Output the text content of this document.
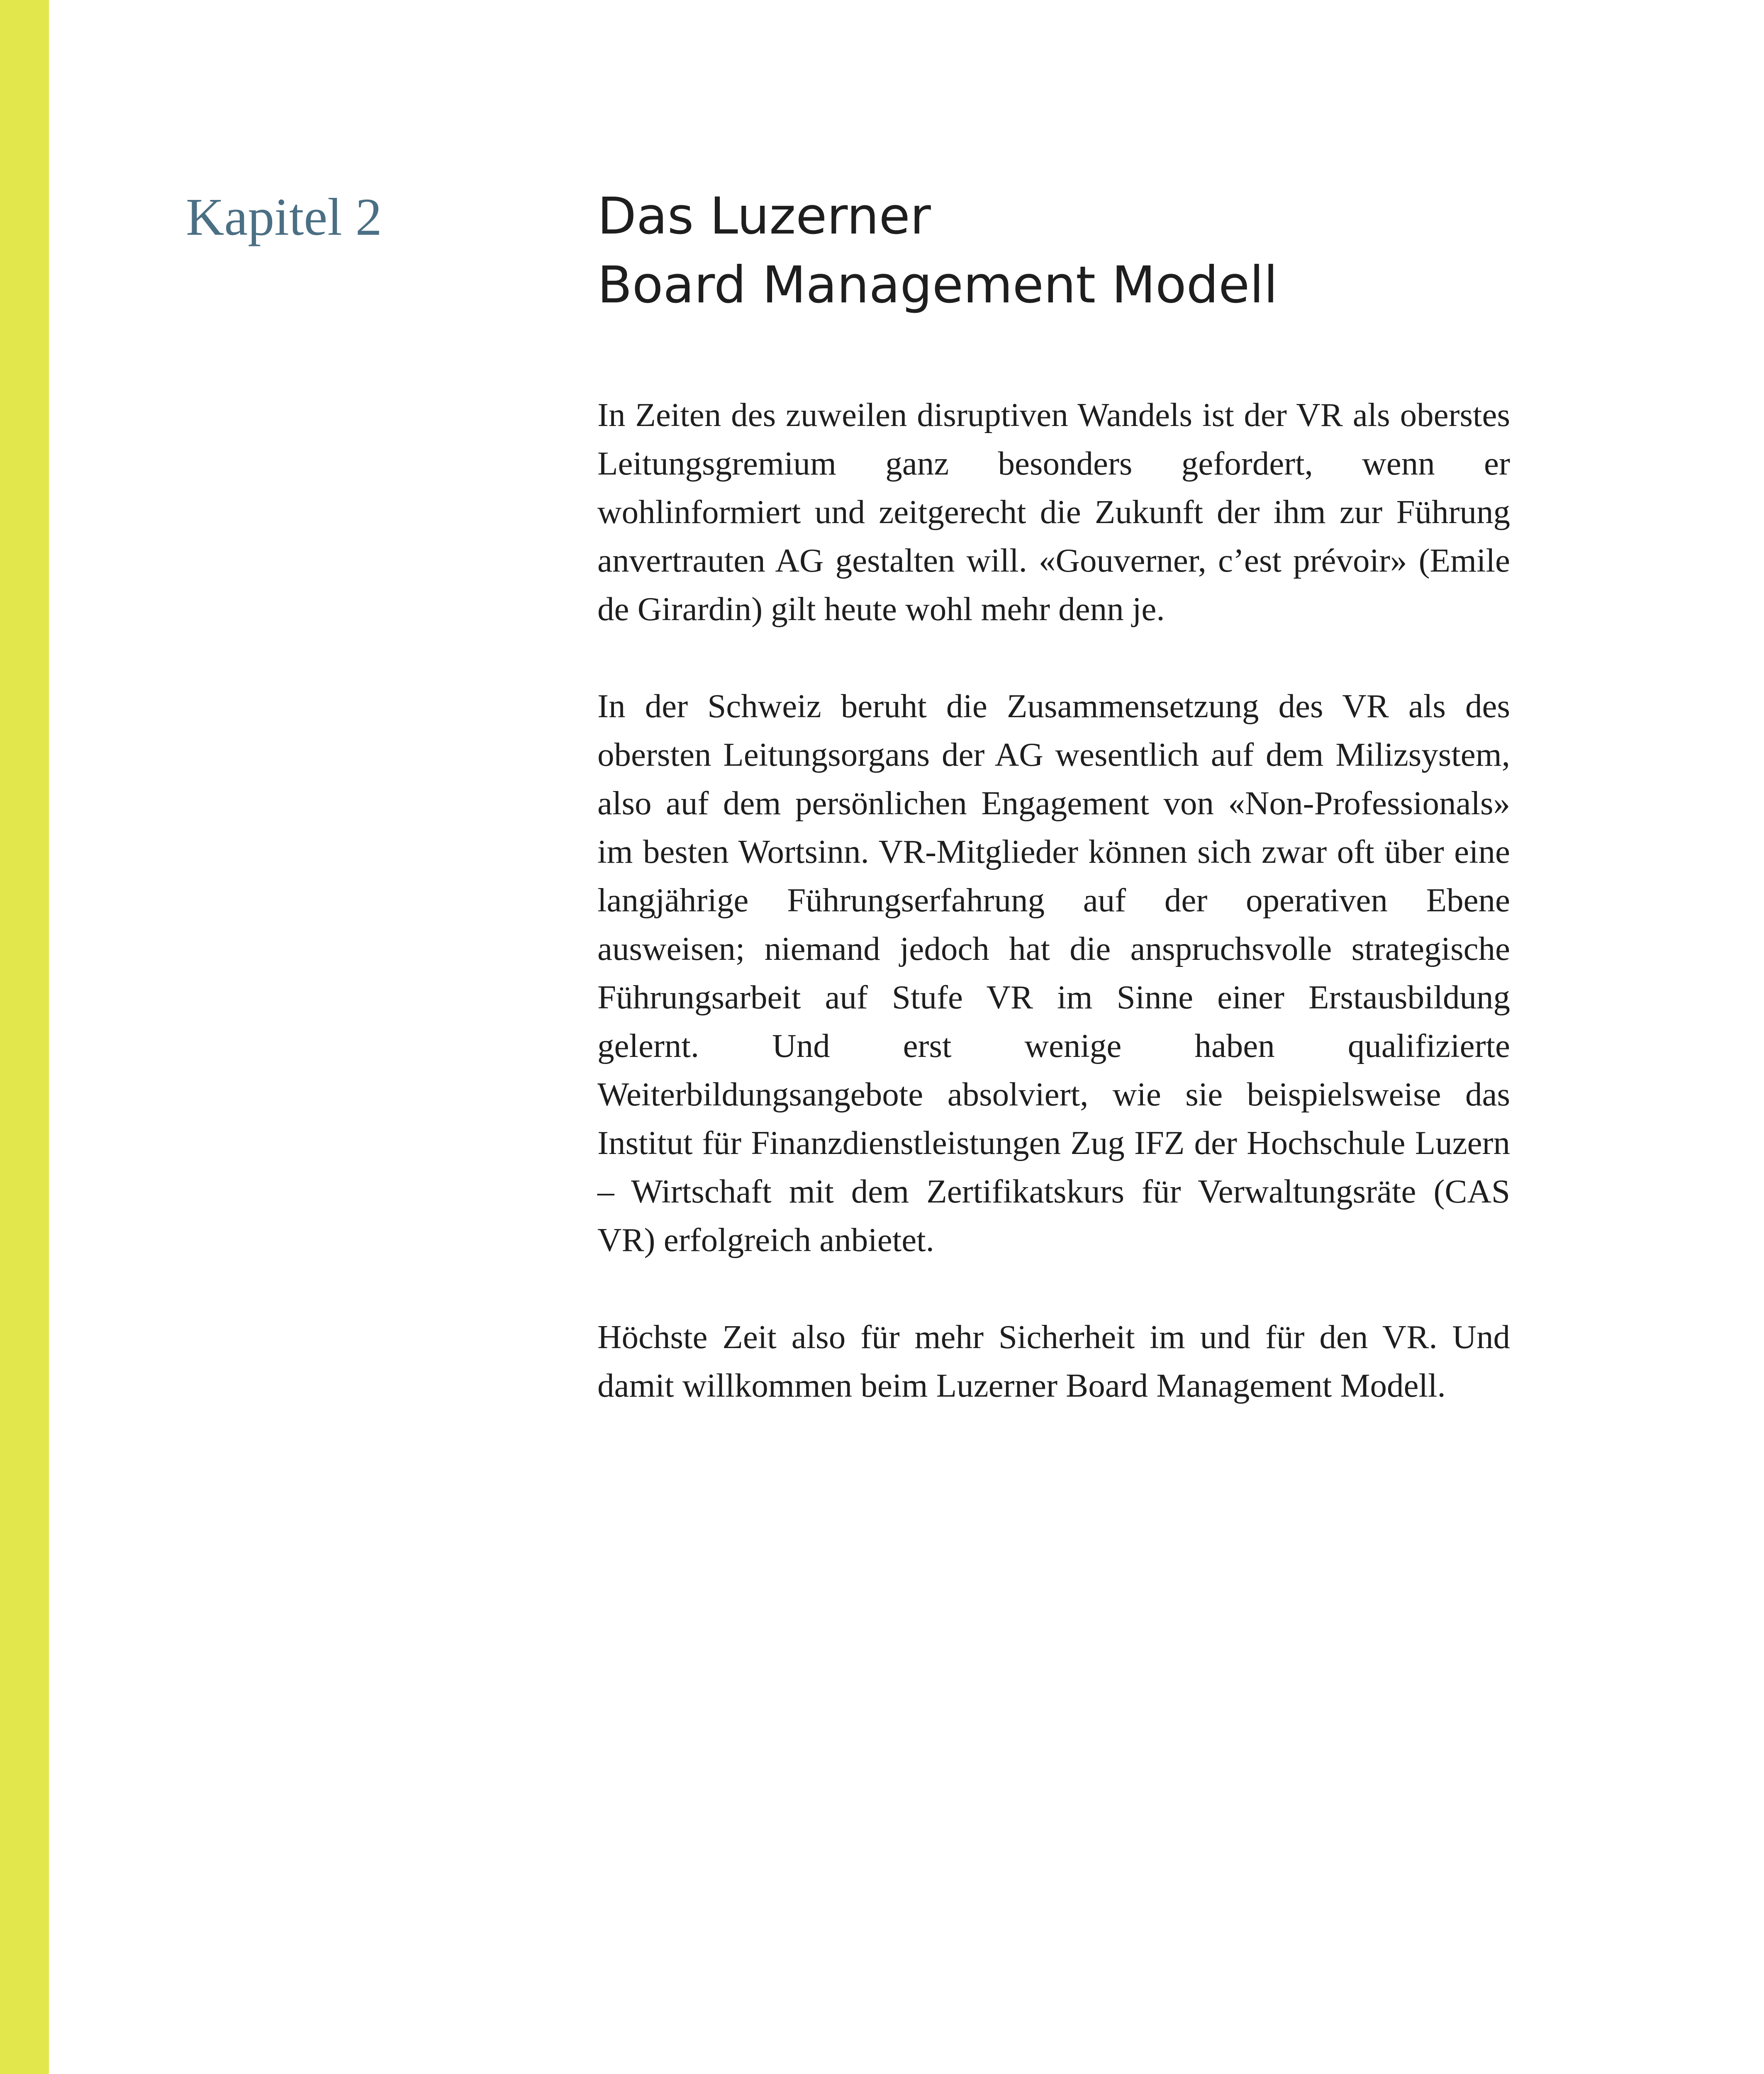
Kapitel 2	Das Luzerner
Board Management Modell

In Zeiten des zuweilen disruptiven Wandels ist der VR als oberstes Leitungsgremium ganz besonders gefordert, wenn er wohlinformiert und zeitgerecht die Zukunft der ihm zur Führung anvertrauten AG gestalten will. «Gouverner, c’est prévoir» (Emile de Girardin) gilt heute wohl mehr denn je.

In der Schweiz beruht die Zusammensetzung des VR als des obersten Leitungsorgans der AG wesentlich auf dem Milizsystem, also auf dem persönlichen Engagement von «Non-Professionals» im besten Wortsinn. VR-Mitglieder können sich zwar oft über eine langjährige Führungserfahrung auf der operativen Ebene ausweisen; niemand jedoch hat die anspruchsvolle strategische Führungsarbeit auf Stufe VR im Sinne einer Erstausbildung gelernt. Und erst wenige haben qualifizierte Weiterbildungsangebote absolviert, wie sie beispielsweise das Institut für Finanzdienstleistungen Zug IFZ der Hochschule Luzern – Wirtschaft mit dem Zertifikatskurs für Verwaltungsräte (CAS VR) erfolgreich anbietet.

Höchste Zeit also für mehr Sicherheit im und für den VR. Und damit willkommen beim Luzerner Board Management Modell.
